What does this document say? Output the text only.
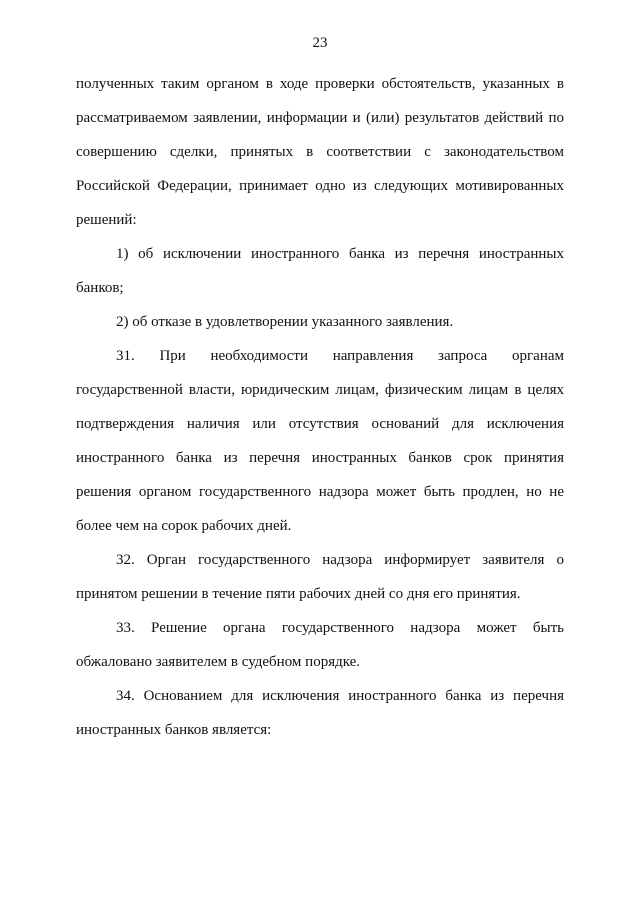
23

полученных таким органом в ходе проверки обстоятельств, указанных в рассматриваемом заявлении, информации и (или) результатов действий по совершению сделки, принятых в соответствии с законодательством Российской Федерации, принимает одно из следующих мотивированных решений:

1) об исключении иностранного банка из перечня иностранных банков;

2) об отказе в удовлетворении указанного заявления.

31. При необходимости направления запроса органам государственной власти, юридическим лицам, физическим лицам в целях подтверждения наличия или отсутствия оснований для исключения иностранного банка из перечня иностранных банков срок принятия решения органом государственного надзора может быть продлен, но не более чем на сорок рабочих дней.

32. Орган государственного надзора информирует заявителя о принятом решении в течение пяти рабочих дней со дня его принятия.

33. Решение органа государственного надзора может быть обжаловано заявителем в судебном порядке.

34. Основанием для исключения иностранного банка из перечня иностранных банков является:
